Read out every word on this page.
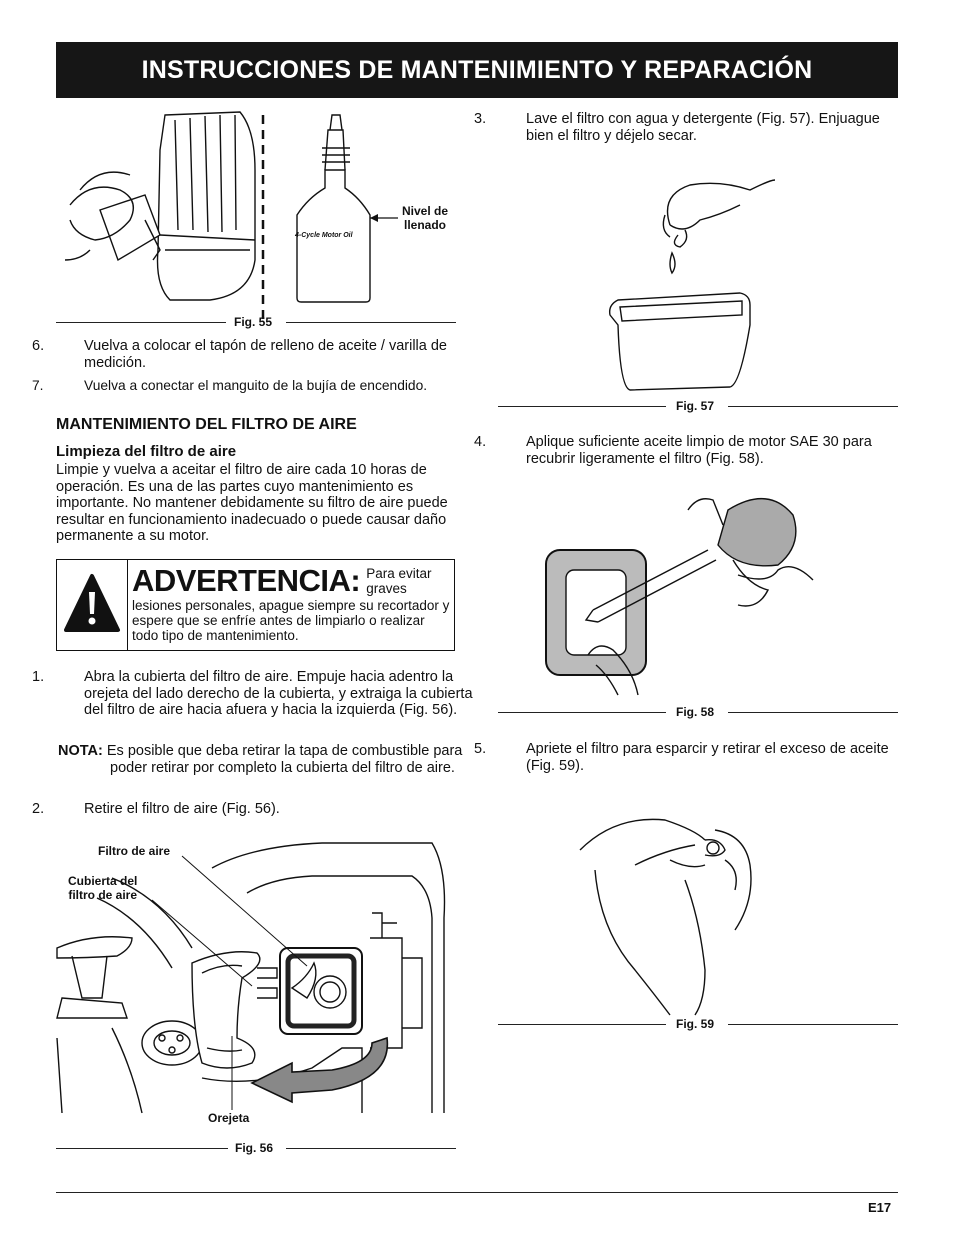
INSTRUCCIONES DE MANTENIMIENTO Y REPARACIÓN
4-Cycle Motor Oil
Nivel de
llenado
Fig. 55
6.	Vuelva a colocar el tapón de relleno de aceite / varilla de medición.
7.	Vuelva a conectar el manguito de la bujía de encendido.
MANTENIMIENTO DEL FILTRO DE AIRE
Limpieza del filtro de aire
Limpie y vuelva a aceitar el filtro de aire cada 10 horas de operación. Es una de las partes cuyo mantenimiento es importante. No mantener debidamente su filtro de aire puede resultar en funcionamiento inadecuado o puede causar daño permanente a su motor.
ADVERTENCIA: Para evitar graves
lesiones personales, apague siempre su recortador y espere que se enfríe antes de limpiarlo o realizar todo tipo de mantenimiento.
1.	Abra la cubierta del filtro de aire. Empuje hacia adentro la orejeta del lado derecho de la cubierta, y extraiga la cubierta del filtro de aire hacia afuera y hacia la izquierda (Fig. 56).
NOTA: Es posible que deba retirar la tapa de combustible para poder retirar por completo la cubierta del filtro de aire.
2.	Retire el filtro de aire (Fig. 56).
Filtro de aire
Cubierta del
filtro de aire
Orejeta
Fig. 56
3.	Lave el filtro con agua y detergente (Fig. 57). Enjuague bien el filtro y déjelo secar.
Fig. 57
4.	Aplique suficiente aceite limpio de motor SAE 30 para recubrir ligeramente el filtro (Fig. 58).
Fig. 58
5.	Apriete el filtro para esparcir y retirar el exceso de aceite (Fig. 59).
Fig. 59
E17
